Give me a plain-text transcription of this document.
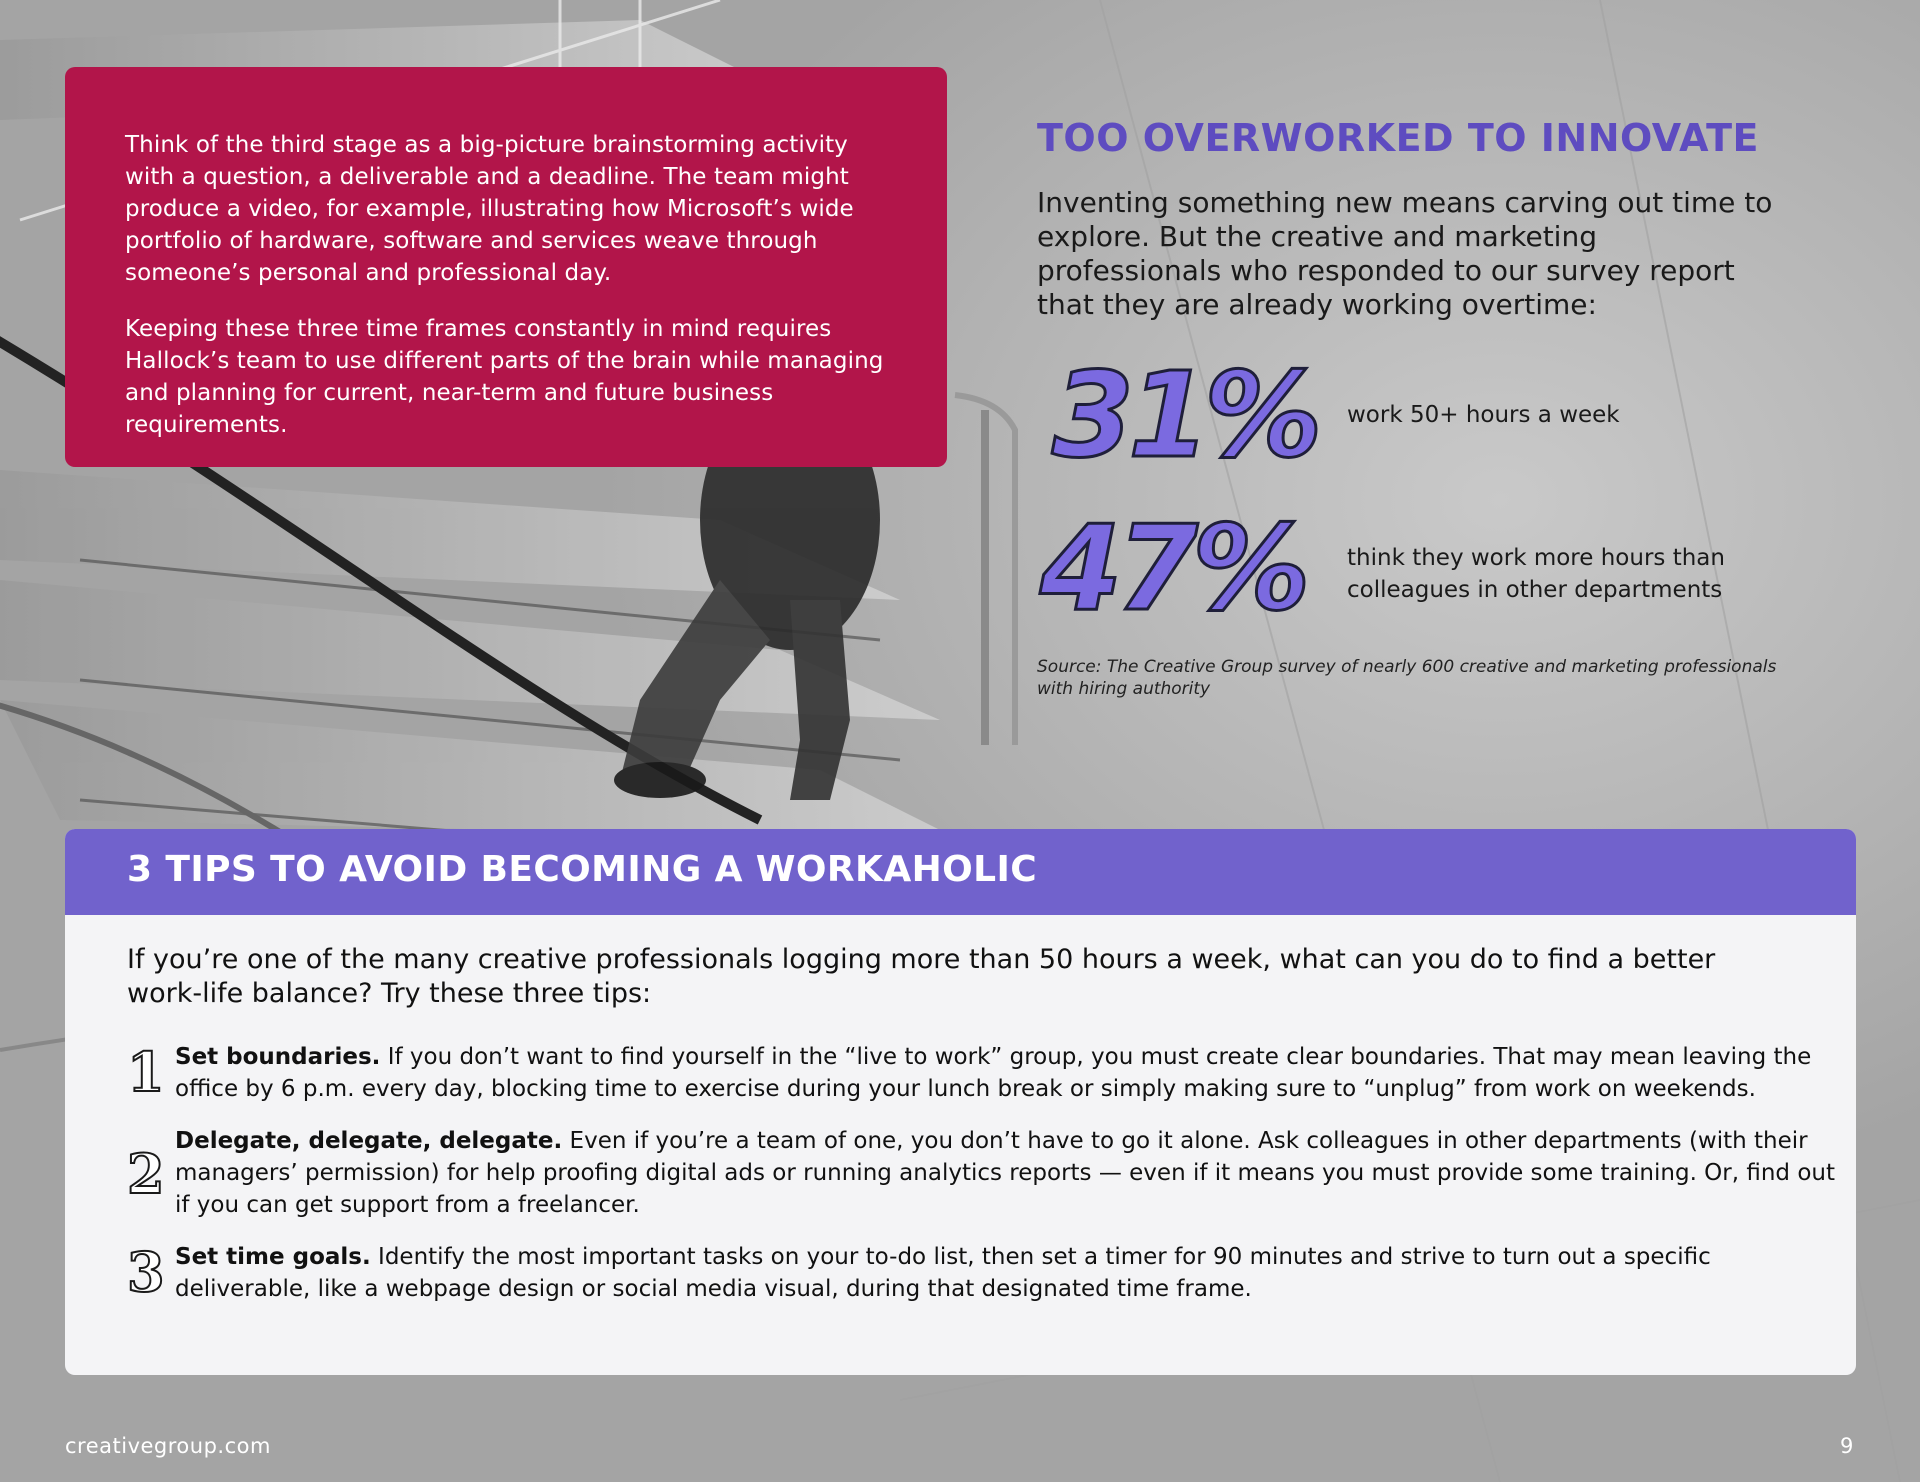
Think of the third stage as a big-picture brainstorming activity with a question, a deliverable and a deadline. The team might produce a video, for example, illustrating how Microsoft’s wide portfolio of hardware, software and services weave through someone’s personal and professional day.

Keeping these three time frames constantly in mind requires Hallock’s team to use different parts of the brain while managing and planning for current, near-term and future business requirements.

TOO OVERWORKED TO INNOVATE

Inventing something new means carving out time to explore. But the creative and marketing professionals who responded to our survey report that they are already working overtime:

31% work 50+ hours a week

47% think they work more hours than colleagues in other departments

Source: The Creative Group survey of nearly 600 creative and marketing professionals with hiring authority

3 TIPS TO AVOID BECOMING A WORKAHOLIC

If you’re one of the many creative professionals logging more than 50 hours a week, what can you do to find a better work-life balance? Try these three tips:

1 Set boundaries. If you don’t want to find yourself in the “live to work” group, you must create clear boundaries. That may mean leaving the office by 6 p.m. every day, blocking time to exercise during your lunch break or simply making sure to “unplug” from work on weekends.

2

Delegate, delegate, delegate. Even if you’re a team of one, you don’t have to go it alone. Ask colleagues in other departments (with their managers’ permission) for help proofing digital ads or running analytics reports — even if it means you must provide some training. Or, find out if you can get support from a freelancer.

3 Set time goals. Identify the most important tasks on your to-do list, then set a timer for 90 minutes and strive to turn out a specific deliverable, like a webpage design or social media visual, during that designated time frame.

creativegroup.com	9
